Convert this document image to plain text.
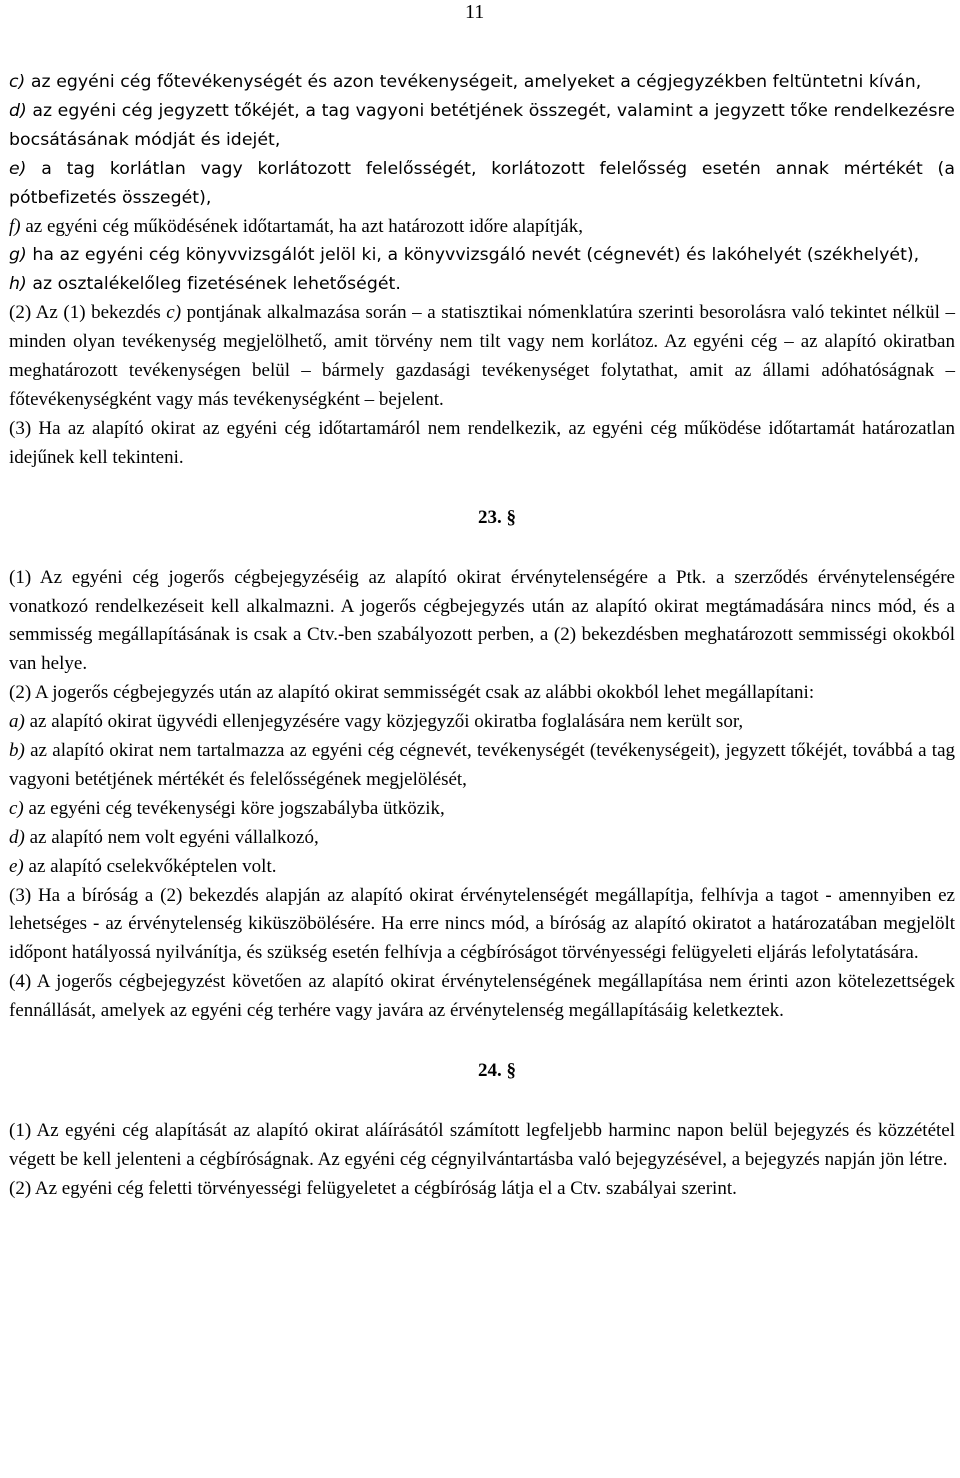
11

c) az egyéni cég főtevékenységét és azon tevékenységeit, amelyeket a cégjegyzékben feltüntetni kíván,

d) az egyéni cég jegyzett tőkéjét, a tag vagyoni betétjének összegét, valamint a jegyzett tőke rendelkezésre bocsátásának módját és idejét,

e) a tag korlátlan vagy korlátozott felelősségét, korlátozott felelősség esetén annak mértékét (a pótbefizetés összegét),

f) az egyéni cég működésének időtartamát, ha azt határozott időre alapítják,

g) ha az egyéni cég könyvvizsgálót jelöl ki, a könyvvizsgáló nevét (cégnevét) és lakóhelyét (székhelyét),

h) az osztalékelőleg fizetésének lehetőségét.

(2) Az (1) bekezdés c) pontjának alkalmazása során – a statisztikai nómenklatúra szerinti besorolásra való tekintet nélkül – minden olyan tevékenység megjelölhető, amit törvény nem tilt vagy nem korlátoz. Az egyéni cég – az alapító okiratban meghatározott tevékenységen belül – bármely gazdasági tevékenységet folytathat, amit az állami adóhatóságnak – főtevékenységként vagy más tevékenységként – bejelent.

(3) Ha az alapító okirat az egyéni cég időtartamáról nem rendelkezik, az egyéni cég működése időtartamát határozatlan idejűnek kell tekinteni.

23. §

(1) Az egyéni cég jogerős cégbejegyzéséig az alapító okirat érvénytelenségére a Ptk. a szerződés érvénytelenségére vonatkozó rendelkezéseit kell alkalmazni. A jogerős cégbejegyzés után az alapító okirat megtámadására nincs mód, és a semmisség megállapításának is csak a Ctv.-ben szabályozott perben, a (2) bekezdésben meghatározott semmisségi okokból van helye.

(2) A jogerős cégbejegyzés után az alapító okirat semmisségét csak az alábbi okokból lehet megállapítani:

a) az alapító okirat ügyvédi ellenjegyzésére vagy közjegyzői okiratba foglalására nem került sor,

b) az alapító okirat nem tartalmazza az egyéni cég cégnevét, tevékenységét (tevékenységeit), jegyzett tőkéjét, továbbá a tag vagyoni betétjének mértékét és felelősségének megjelölését,

c) az egyéni cég tevékenységi köre jogszabályba ütközik,

d) az alapító nem volt egyéni vállalkozó,

e) az alapító cselekvőképtelen volt.

(3) Ha a bíróság a (2) bekezdés alapján az alapító okirat érvénytelenségét megállapítja, felhívja a tagot - amennyiben ez lehetséges - az érvénytelenség kiküszöbölésére. Ha erre nincs mód, a bíróság az alapító okiratot a határozatában megjelölt időpont hatályossá nyilvánítja, és szükség esetén felhívja a cégbíróságot törvényességi felügyeleti eljárás lefolytatására.

(4) A jogerős cégbejegyzést követően az alapító okirat érvénytelenségének megállapítása nem érinti azon kötelezettségek fennállását, amelyek az egyéni cég terhére vagy javára az érvénytelenség megállapításáig keletkeztek.

24. §

(1) Az egyéni cég alapítását az alapító okirat aláírásától számított legfeljebb harminc napon belül bejegyzés és közzététel végett be kell jelenteni a cégbíróságnak. Az egyéni cég cégnyilvántartásba való bejegyzésével, a bejegyzés napján jön létre.

(2) Az egyéni cég feletti törvényességi felügyeletet a cégbíróság látja el a Ctv. szabályai szerint.
